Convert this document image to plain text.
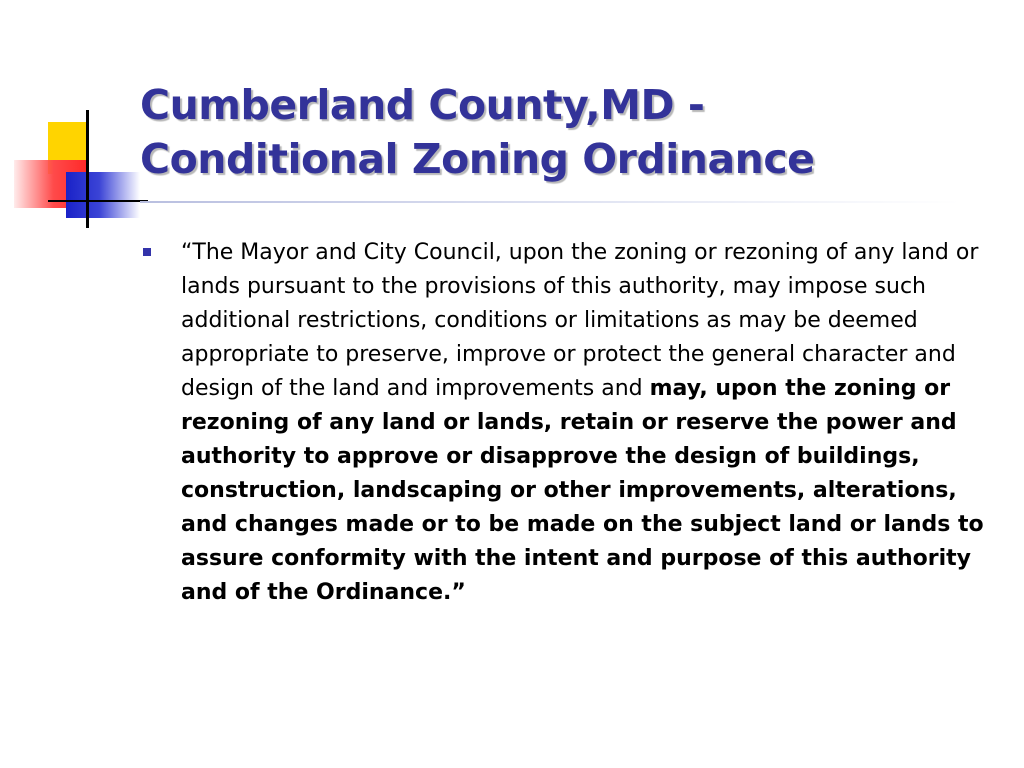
Cumberland County,MD -
Conditional Zoning Ordinance
“The Mayor and City Council, upon the zoning or rezoning of any land or lands pursuant to the provisions of this authority, may impose such additional restrictions, conditions or limitations as may be deemed appropriate to preserve, improve or protect the general character and design of the land and improvements and may, upon the zoning or rezoning of any land or lands, retain or reserve the power and authority to approve or disapprove the design of buildings, construction, landscaping or other improvements, alterations, and changes made or to be made on the subject land or lands to assure conformity with the intent and purpose of this authority and of the Ordinance.”
